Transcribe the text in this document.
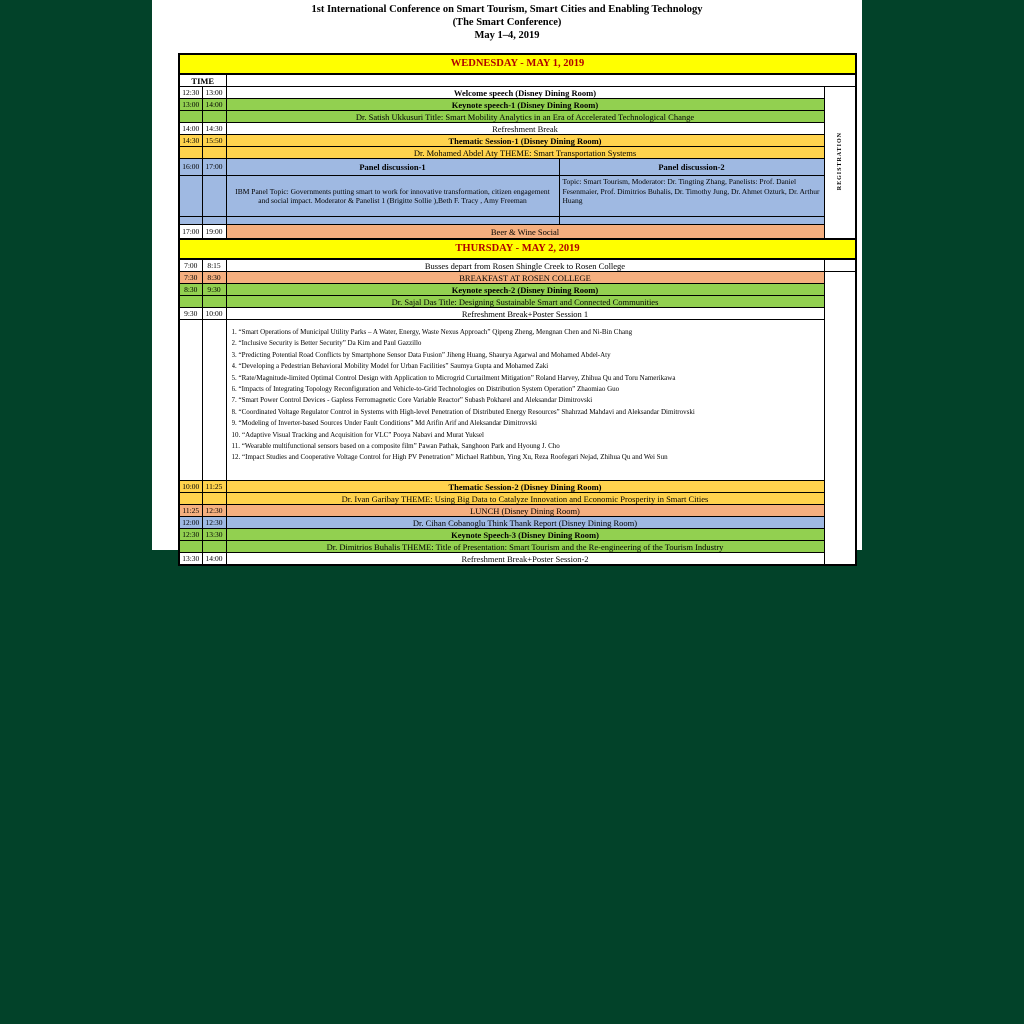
1st International Conference on Smart Tourism, Smart Cities and Enabling Technology
(The Smart Conference)
May 1–4, 2019
WEDNESDAY - MAY 1, 2019				
TIME				
12:30	13:00	Welcome speech (Disney Dining Room)		REGISTRATION
13:00	14:00	Keynote speech-1 (Disney Dining Room)		
		Dr. Satish Ukkusuri Title: Smart Mobility Analytics in an Era of Accelerated Technological Change		
14:00	14:30	Refreshment Break		
14:30	15:50	Thematic Session-1 (Disney Dining Room)		
		Dr. Mohamed Abdel Aty THEME: Smart Transportation Systems		
16:00	17:00	Panel discussion-1	Panel discussion-2	
		IBM Panel Topic: Governments putting smart to work for innovative transformation, citizen engagement and social impact. Moderator & Panelist 1 (Brigitte Sollie ),Beth F. Tracy , Amy Freeman	Topic: Smart Tourism, Moderator: Dr. Tingting Zhang, Panelists: Prof. Daniel Fesenmaier, Prof. Dimitrios Buhalis, Dr. Timothy Jung, Dr. Ahmet Ozturk, Dr. Arthur Huang	

17:00	19:00	Beer & Wine Social		
THURSDAY - MAY 2, 2019				
7:00	8:15	Busses depart from Rosen Shingle Creek to Rosen College		
7:30	8:30	BREAKFAST AT ROSEN COLLEGE		
8:30	9:30	Keynote speech-2 (Disney Dining Room)		
		Dr. Sajal Das Title: Designing Sustainable Smart and Connected Communities		
9:30	10:00	Refreshment Break+Poster Session 1		

1. “Smart Operations of Municipal Utility Parks – A Water, Energy, Waste Nexus Approach” Qipeng Zheng, Mengnan Chen and Ni-Bin Chang
2. “Inclusive Security is Better Security” Da Kim and Paul Gazzillo
3. “Predicting Potential Road Conflicts by Smartphone Sensor Data Fusion” Jiheng Huang, Shaurya Agarwal and Mohamed Abdel-Aty
4. “Developing a Pedestrian Behavioral Mobility Model for Urban Facilities” Saumya Gupta and Mohamed Zaki
5. “Rate/Magnitude-limited Optimal Control Design with Application to Microgrid Curtailment Mitigation” Roland Harvey, Zhihua Qu and Toru Namerikawa
6. “Impacts of Integrating Topology Reconfiguration and Vehicle-to-Grid Technologies on Distribution System Operation” Zhaomiao Guo
7. “Smart Power Control Devices - Gapless Ferromagnetic Core Variable Reactor” Subash Pokharel and Aleksandar Dimitrovski
8. “Coordinated Voltage Regulator Control in Systems with High-level Penetration of Distributed Energy Resources” Shahrzad Mahdavi and Aleksandar Dimitrovski
9. “Modeling of Inverter-based Sources Under Fault Conditions” Md Arifin Arif and Aleksandar Dimitrovski
10. “Adaptive Visual Tracking and Acquisition for VLC” Pooya Nabavi and Murat Yuksel
11. “Wearable multifunctional sensors based on a composite film” Pawan Pathak, Sanghoon Park and Hyoung J. Cho
12. “Impact Studies and Cooperative Voltage Control for High PV Penetration” Michael Rathbun, Ying Xu, Reza Roofegari Nejad, Zhihua Qu and Wei Sun

10:00	11:25	Thematic Session-2 (Disney Dining Room)		
		Dr. Ivan Garibay THEME: Using Big Data to Catalyze Innovation and Economic Prosperity in Smart Cities		
11:25	12:30	LUNCH (Disney Dining Room)		
12:00	12:30	Dr. Cihan Cobanoglu Think Thank Report (Disney Dining Room)		
12:30	13:30	Keynote Speech-3 (Disney Dining Room)		
		Dr. Dimitrios Buhalis THEME: Title of Presentation: Smart Tourism and the Re-engineering of the Tourism Industry		
13:30	14:00	Refreshment Break+Poster Session-2		
